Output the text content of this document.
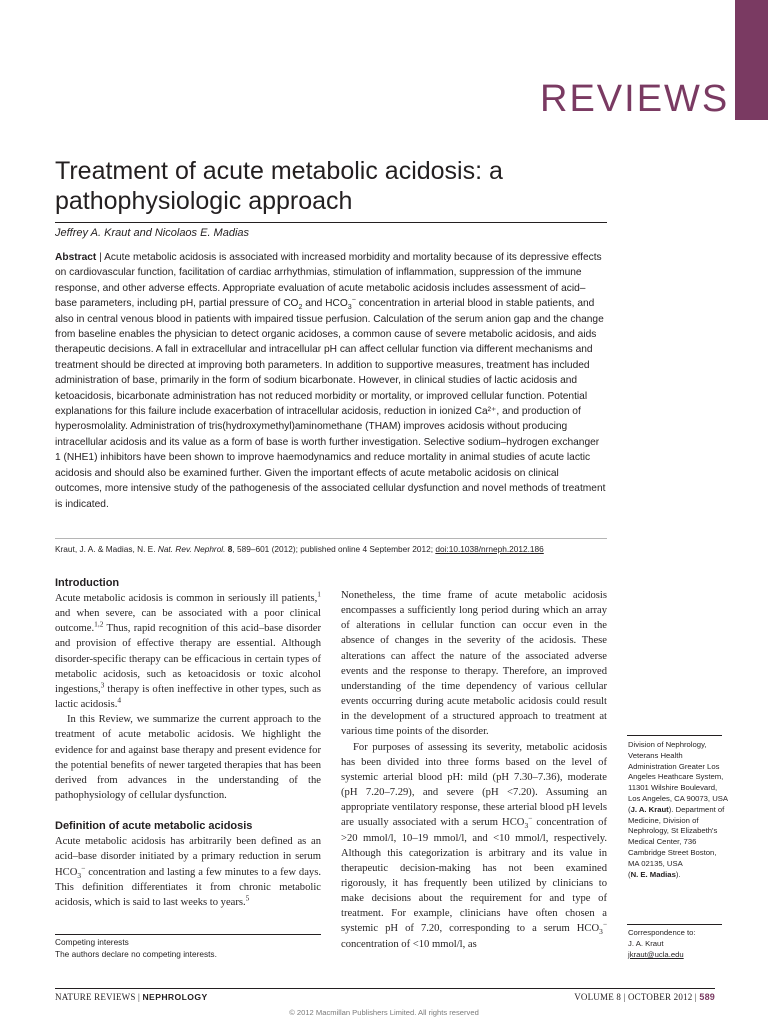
REVIEWS
Treatment of acute metabolic acidosis: a pathophysiologic approach
Jeffrey A. Kraut and Nicolaos E. Madias
Abstract | Acute metabolic acidosis is associated with increased morbidity and mortality because of its depressive effects on cardiovascular function, facilitation of cardiac arrhythmias, stimulation of inflammation, suppression of the immune response, and other adverse effects. Appropriate evaluation of acute metabolic acidosis includes assessment of acid–base parameters, including pH, partial pressure of $CO_2$ and $HCO_3^-$ concentration in arterial blood in stable patients, and also in central venous blood in patients with impaired tissue perfusion. Calculation of the serum anion gap and the change from baseline enables the physician to detect organic acidoses, a common cause of severe metabolic acidosis, and aids therapeutic decisions. A fall in extracellular and intracellular pH can affect cellular function via different mechanisms and treatment should be directed at improving both parameters. In addition to supportive measures, treatment has included administration of base, primarily in the form of sodium bicarbonate. However, in clinical studies of lactic acidosis and ketoacidosis, bicarbonate administration has not reduced morbidity or mortality, or improved cellular function. Potential explanations for this failure include exacerbation of intracellular acidosis, reduction in ionized Ca²⁺, and production of hyperosmolality. Administration of tris(hydroxymethyl)aminomethane (THAM) improves acidosis without producing intracellular acidosis and its value as a form of base is worth further investigation. Selective sodium–hydrogen exchanger 1 (NHE1) inhibitors have been shown to improve haemodynamics and reduce mortality in animal studies of acute lactic acidosis and should also be examined further. Given the important effects of acute metabolic acidosis on clinical outcomes, more intensive study of the pathogenesis of the associated cellular dysfunction and novel methods of treatment is indicated.
Kraut, J. A. & Madias, N. E. Nat. Rev. Nephrol. 8, 589–601 (2012); published online 4 September 2012; doi:10.1038/nrneph.2012.186
Introduction

Acute metabolic acidosis is common in seriously ill patients,$^1$ and when severe, can be associated with a poor clinical outcome.$^{1,2}$ Thus, rapid recognition of this acid–base disorder and provision of effective therapy are essential. Although disorder-specific therapy can be efficacious in certain types of metabolic acidosis, such as ketoacidosis or toxic alcohol ingestions,$^3$ therapy is often ineffective in other types, such as lactic acidosis.$^4$

In this Review, we summarize the current approach to the treatment of acute metabolic acidosis. We highlight the evidence for and against base therapy and present evidence for the potential benefits of newer targeted therapies that has been derived from advances in the understanding of the pathophysiology of cellular dysfunction.

Definition of acute metabolic acidosis

Acute metabolic acidosis has arbitrarily been defined as an acid–base disorder initiated by a primary reduction in serum $HCO_3^-$ concentration and lasting a few minutes to a few days. This definition differentiates it from chronic metabolic acidosis, which is said to last weeks to years.$^5$

Competing interests
The authors declare no competing interests.

Nonetheless, the time frame of acute metabolic acidosis encompasses a sufficiently long period during which an array of alterations in cellular function can occur even in the absence of changes in the severity of the acidosis. These alterations can affect the nature of the associated adverse events and the response to therapy. Therefore, an improved understanding of the time dependency of various cellular events occurring during acute metabolic acidosis could result in the development of a structured approach to treatment at various time points of the disorder.

For purposes of assessing its severity, metabolic acidosis has been divided into three forms based on the level of systemic arterial blood pH: mild (pH 7.30–7.36), moderate (pH 7.20–7.29), and severe (pH <7.20). Assuming an appropriate ventilatory response, these arterial blood pH levels are usually associated with a serum $HCO_3^-$ concentration of >20 mmol/l, 10–19 mmol/l, and <10 mmol/l, respectively. Although this categorization is arbitrary and its value in therapeutic decision-making has not been examined rigorously, it has frequently been utilized by clinicians to make decisions about the requirement for and type of treatment. For example, clinicians have often chosen a systemic pH of 7.20, corresponding to a serum $HCO_3^-$ concentration of <10 mmol/l, as

Division of Nephrology, Veterans Health Administration Greater Los Angeles Heathcare System, 11301 Wilshire Boulevard, Los Angeles, CA 90073, USA
(J. A. Kraut). Department of Medicine, Division of Nephrology, St Elizabeth's Medical Center, 736 Cambridge Street Boston, MA 02135, USA
(N. E. Madias).
Correspondence to:
J. A. Kraut
jkraut@ucla.edu
NATURE REVIEWS | NEPHROLOGY	VOLUME 8 | OCTOBER 2012 | 589
© 2012 Macmillan Publishers Limited. All rights reserved
